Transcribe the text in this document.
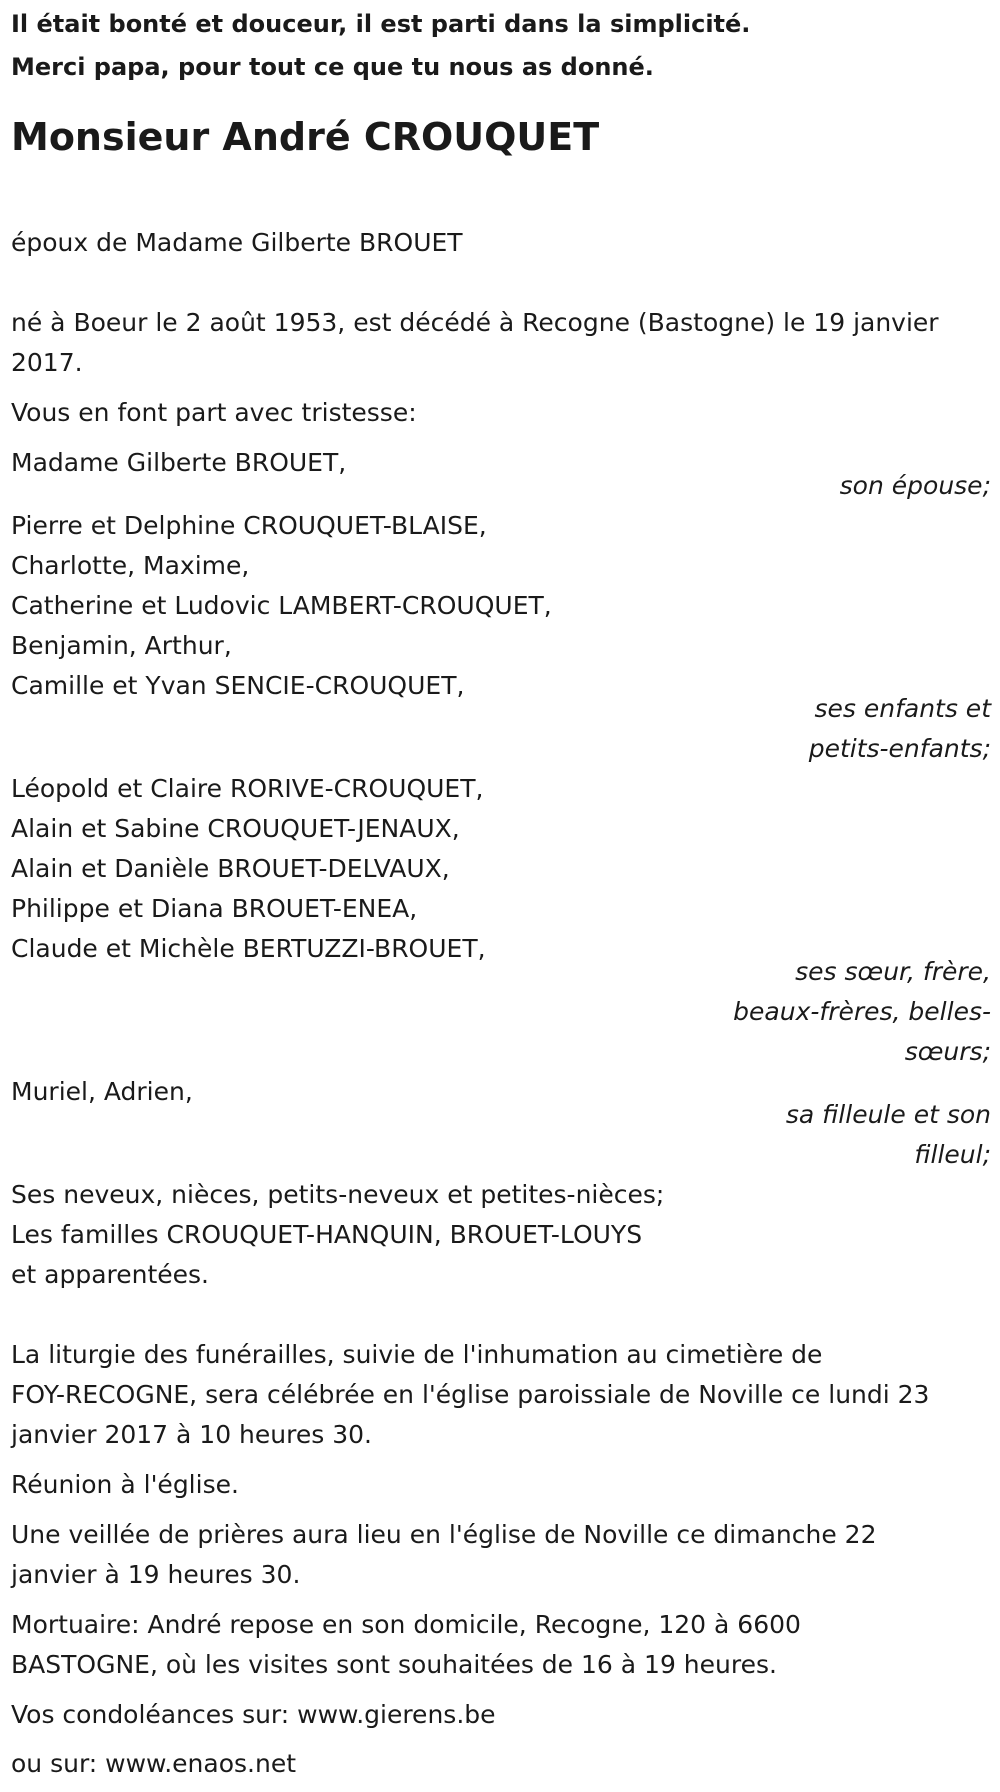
Il était bonté et douceur, il est parti dans la simplicité.
Merci papa, pour tout ce que tu nous as donné.
Monsieur André CROUQUET
époux de Madame Gilberte BROUET
né à Boeur le 2 août 1953, est décédé à Recogne (Bastogne) le 19 janvier
2017.
Vous en font part avec tristesse:
Madame Gilberte BROUET,
son épouse;
Pierre et Delphine CROUQUET-BLAISE,
Charlotte, Maxime,
Catherine et Ludovic LAMBERT-CROUQUET,
Benjamin, Arthur,
Camille et Yvan SENCIE-CROUQUET,
ses enfants et
petits-enfants;
Léopold et Claire RORIVE-CROUQUET,
Alain et Sabine CROUQUET-JENAUX,
Alain et Danièle BROUET-DELVAUX,
Philippe et Diana BROUET-ENEA,
Claude et Michèle BERTUZZI-BROUET,
ses sœur, frère,
beaux-frères, belles-
sœurs;
Muriel, Adrien,
sa filleule et son
filleul;
Ses neveux, nièces, petits-neveux et petites-nièces;
Les familles CROUQUET-HANQUIN, BROUET-LOUYS
et apparentées.
La liturgie des funérailles, suivie de l'inhumation au cimetière de
FOY-RECOGNE, sera célébrée en l'église paroissiale de Noville ce lundi 23
janvier 2017 à 10 heures 30.
Réunion à l'église.
Une veillée de prières aura lieu en l'église de Noville ce dimanche 22
janvier à 19 heures 30.
Mortuaire: André repose en son domicile, Recogne, 120 à 6600
BASTOGNE, où les visites sont souhaitées de 16 à 19 heures.
Vos condoléances sur: www.gierens.be
ou sur: www.enaos.net
